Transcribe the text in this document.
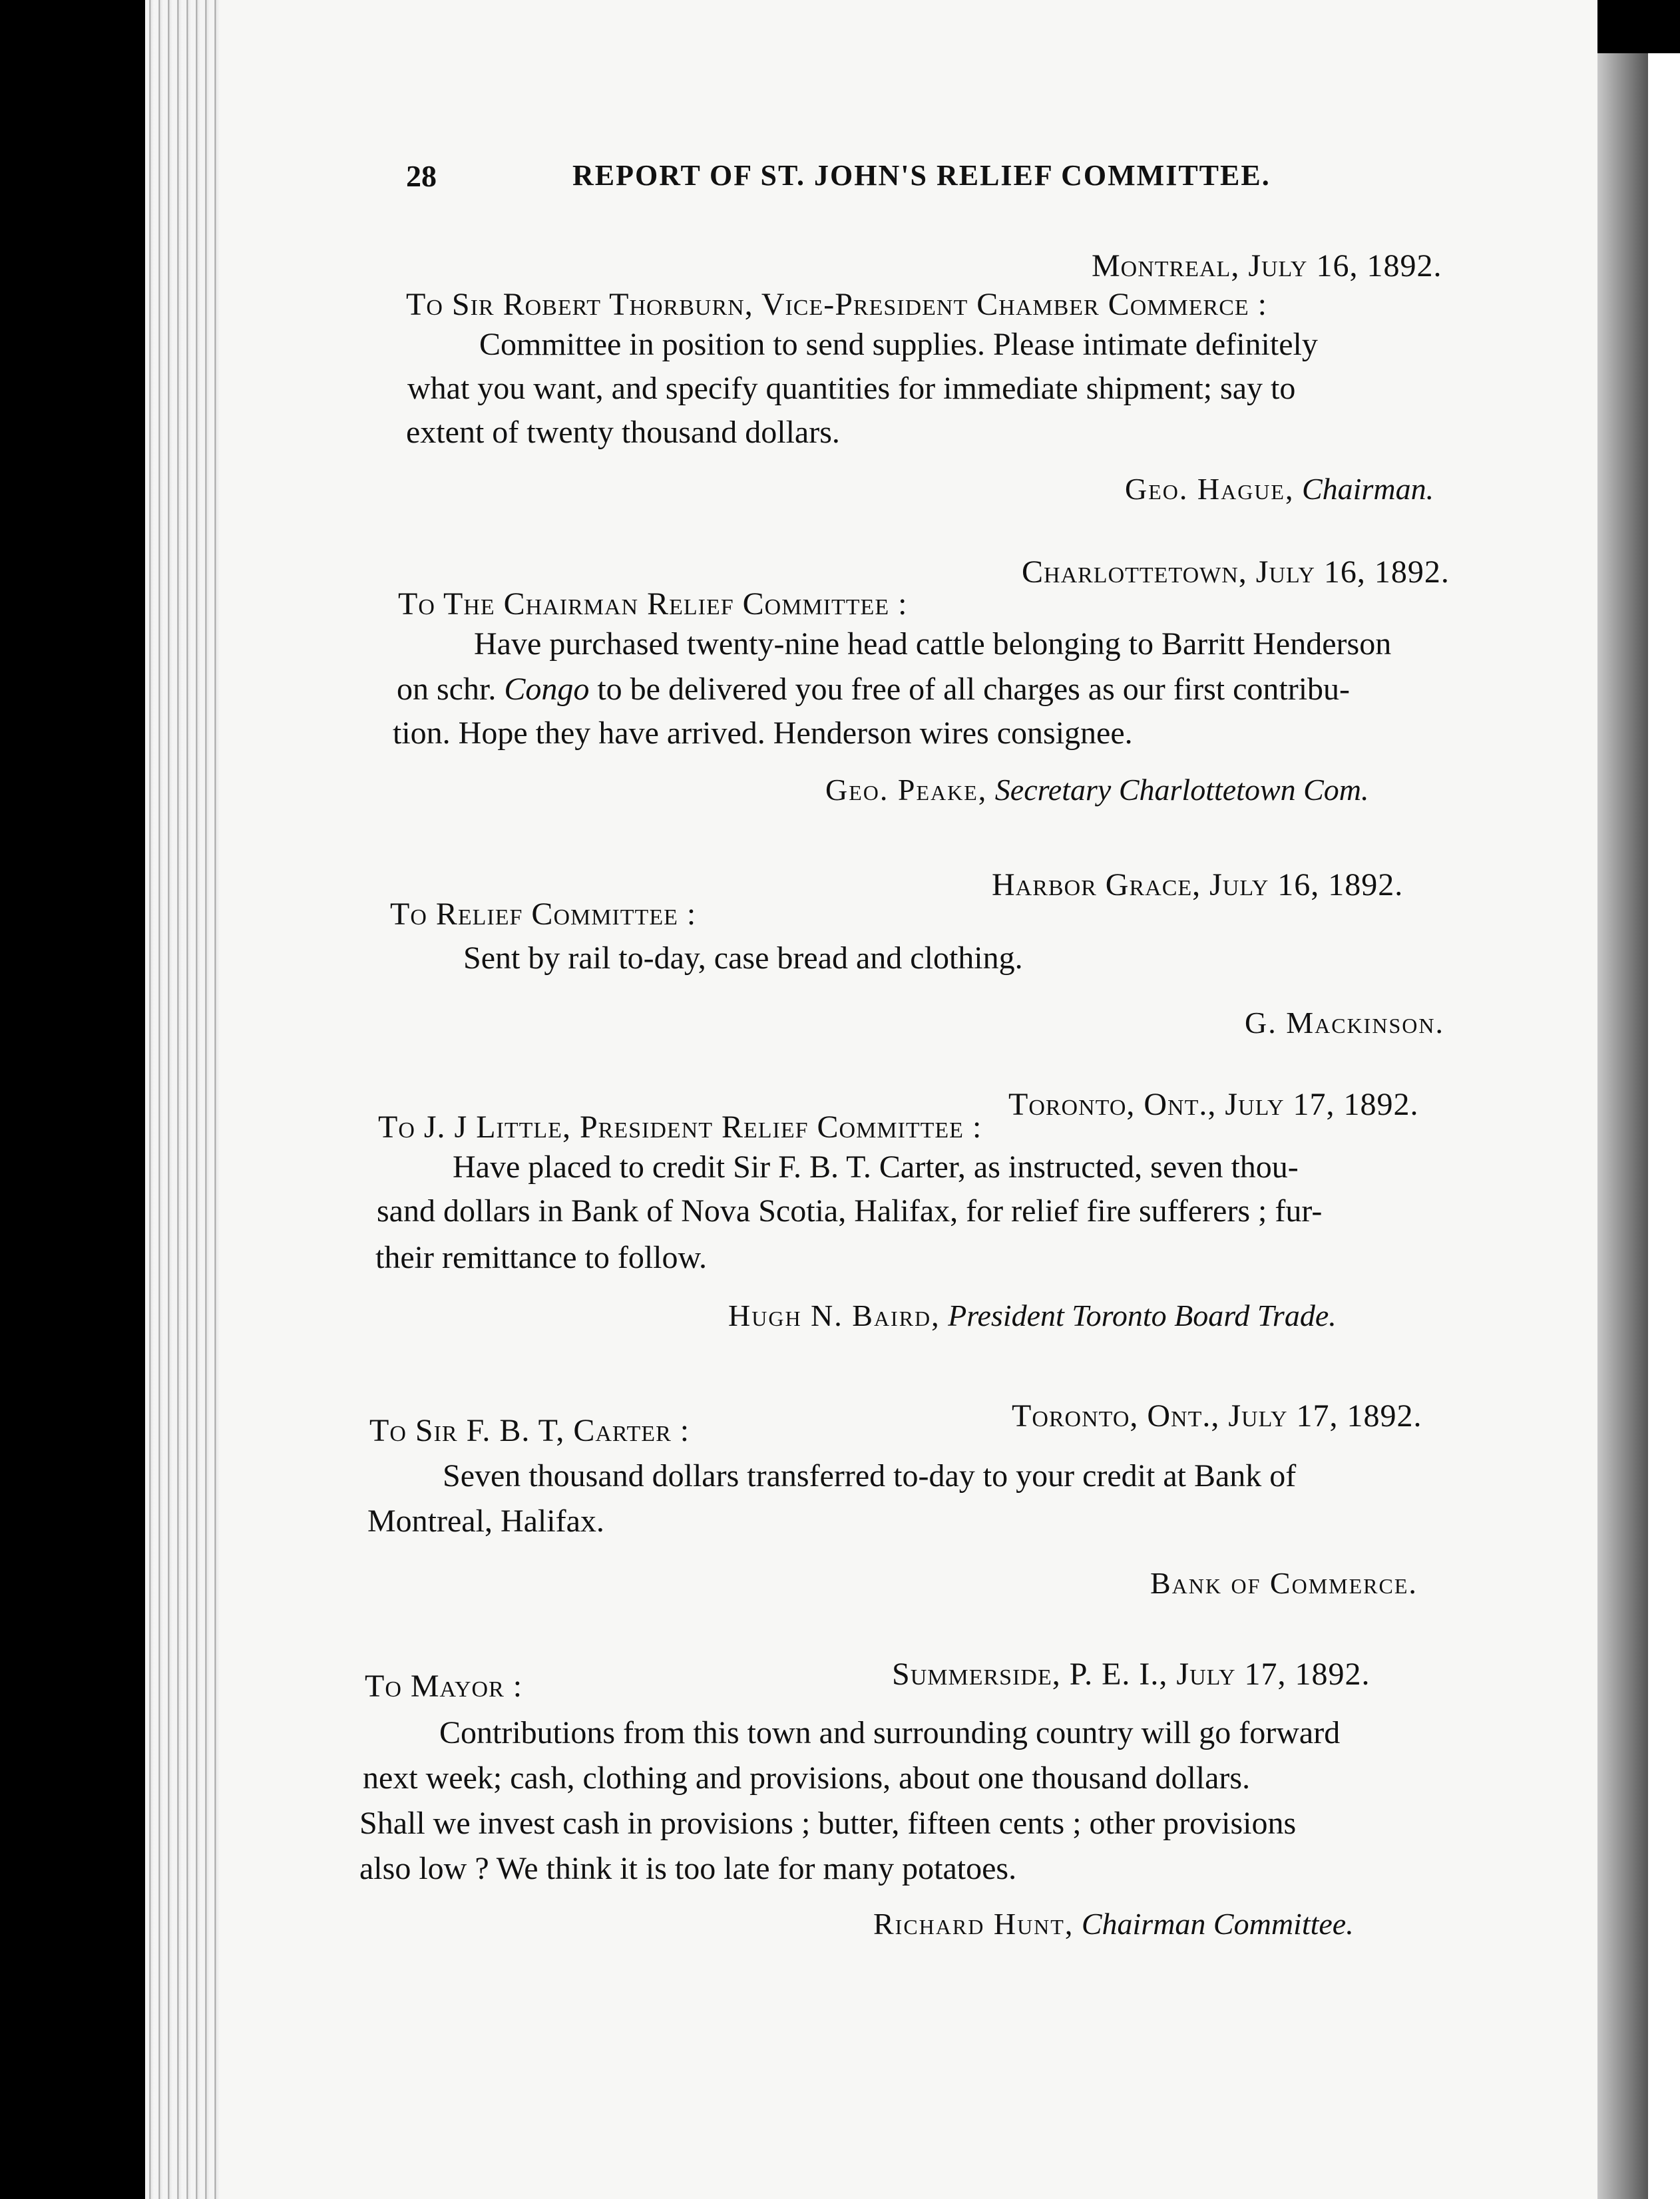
28	REPORT OF ST. JOHN'S RELIEF COMMITTEE.
Montreal, July 16, 1892.
To Sir Robert Thorburn, Vice-President Chamber Commerce :
Committee in position to send supplies. Please intimate definitely
what you want, and specify quantities for immediate shipment; say to
extent of twenty thousand dollars.
Geo. Hague, Chairman.
Charlottetown, July 16, 1892.
To The Chairman Relief Committee :
Have purchased twenty-nine head cattle belonging to Barritt Henderson
on schr. Congo to be delivered you free of all charges as our first contribu-
tion. Hope they have arrived. Henderson wires consignee.
Geo. Peake, Secretary Charlottetown Com.
Harbor Grace, July 16, 1892.
To Relief Committee :
Sent by rail to-day, case bread and clothing.
G. Mackinson.
Toronto, Ont., July 17, 1892.
To J. J Little, President Relief Committee :
Have placed to credit Sir F. B. T. Carter, as instructed, seven thou-
sand dollars in Bank of Nova Scotia, Halifax, for relief fire sufferers ; fur-
their remittance to follow.
Hugh N. Baird, President Toronto Board Trade.
Toronto, Ont., July 17, 1892.
To Sir F. B. T, Carter :
Seven thousand dollars transferred to-day to your credit at Bank of
Montreal, Halifax.
Bank of Commerce.
Summerside, P. E. I., July 17, 1892.
To Mayor :
Contributions from this town and surrounding country will go forward
next week; cash, clothing and provisions, about one thousand dollars.
Shall we invest cash in provisions ; butter, fifteen cents ; other provisions
also low ? We think it is too late for many potatoes.
Richard Hunt, Chairman Committee.
